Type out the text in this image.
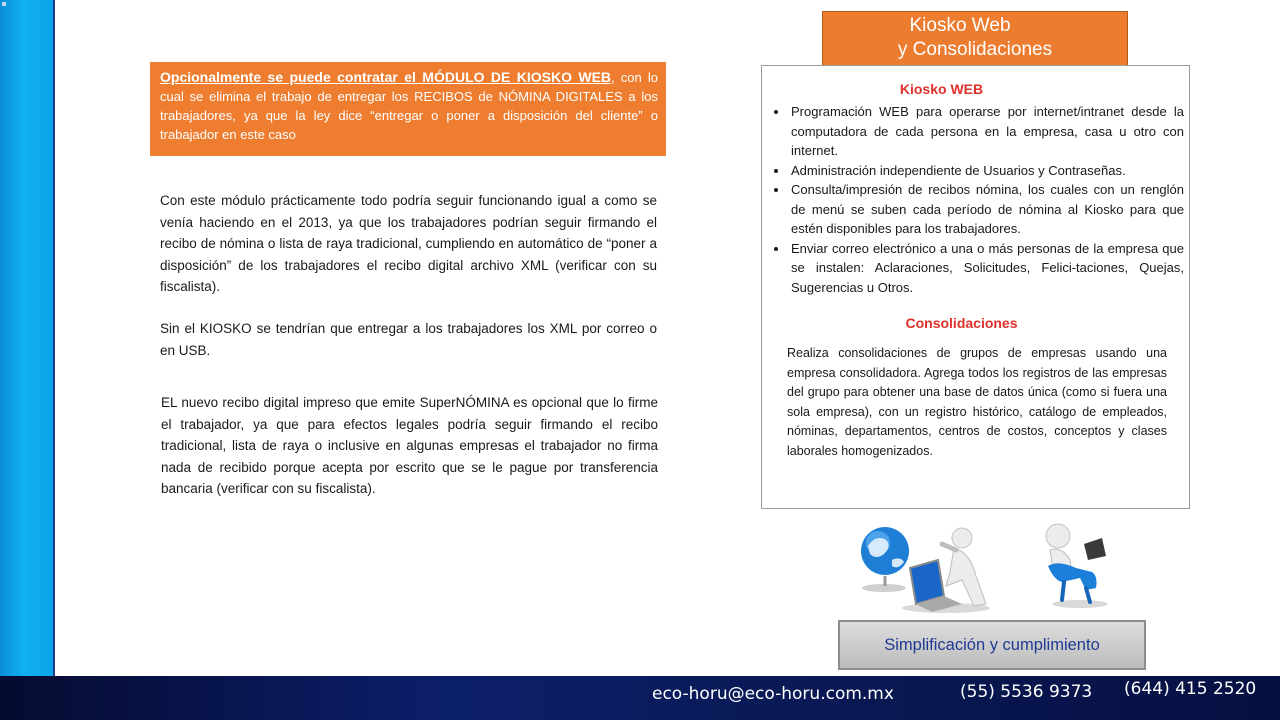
Opcionalmente se puede contratar el MÓDULO DE KIOSKO WEB, con lo cual se elimina el trabajo de entregar los RECIBOS de NÓMINA DIGITALES a los trabajadores, ya que la ley dice “entregar o poner a disposición del cliente” o trabajador en este caso
Con este módulo prácticamente todo podría seguir funcionando igual a como se venía haciendo en el 2013, ya que los trabajadores podrían seguir firmando el recibo de nómina o lista de raya tradicional, cumpliendo en automático de “poner a disposición” de los trabajadores el recibo digital archivo XML (verificar con su fiscalista).
Sin el KIOSKO se tendrían que entregar a los trabajadores los XML por correo o en USB.
EL nuevo recibo digital impreso que emite SuperNÓMINA es opcional que lo firme el trabajador, ya que para efectos legales podría seguir firmando el recibo tradicional, lista de raya o inclusive en algunas empresas el trabajador no firma nada de recibido porque acepta por escrito que se le pague por transferencia bancaria (verificar con su fiscalista).
Kiosko Web
y Consolidaciones
Kiosko WEB
• Programación WEB para operarse por internet/intranet desde la computadora de cada persona en la empresa, casa u otro con internet.
• Administración independiente de Usuarios y Contraseñas.
• Consulta/impresión de recibos nómina, los cuales con un renglón de menú se suben cada período de nómina al Kiosko para que estén disponibles para los trabajadores.
• Enviar correo electrónico a una o más personas de la empresa que se instalen: Aclaraciones, Solicitudes, Felici-taciones, Quejas, Sugerencias u Otros.
Consolidaciones
Realiza consolidaciones de grupos de empresas usando una empresa consolidadora. Agrega todos los registros de las empresas del grupo para obtener una base de datos única (como si fuera una sola empresa), con un registro histórico, catálogo de empleados, nóminas, departamentos, centros de costos, conceptos y clases laborales homogenizados.
Simplificación y cumplimiento
eco-horu@eco-horu.com.mx	(55) 5536 9373 (644) 415 2520
